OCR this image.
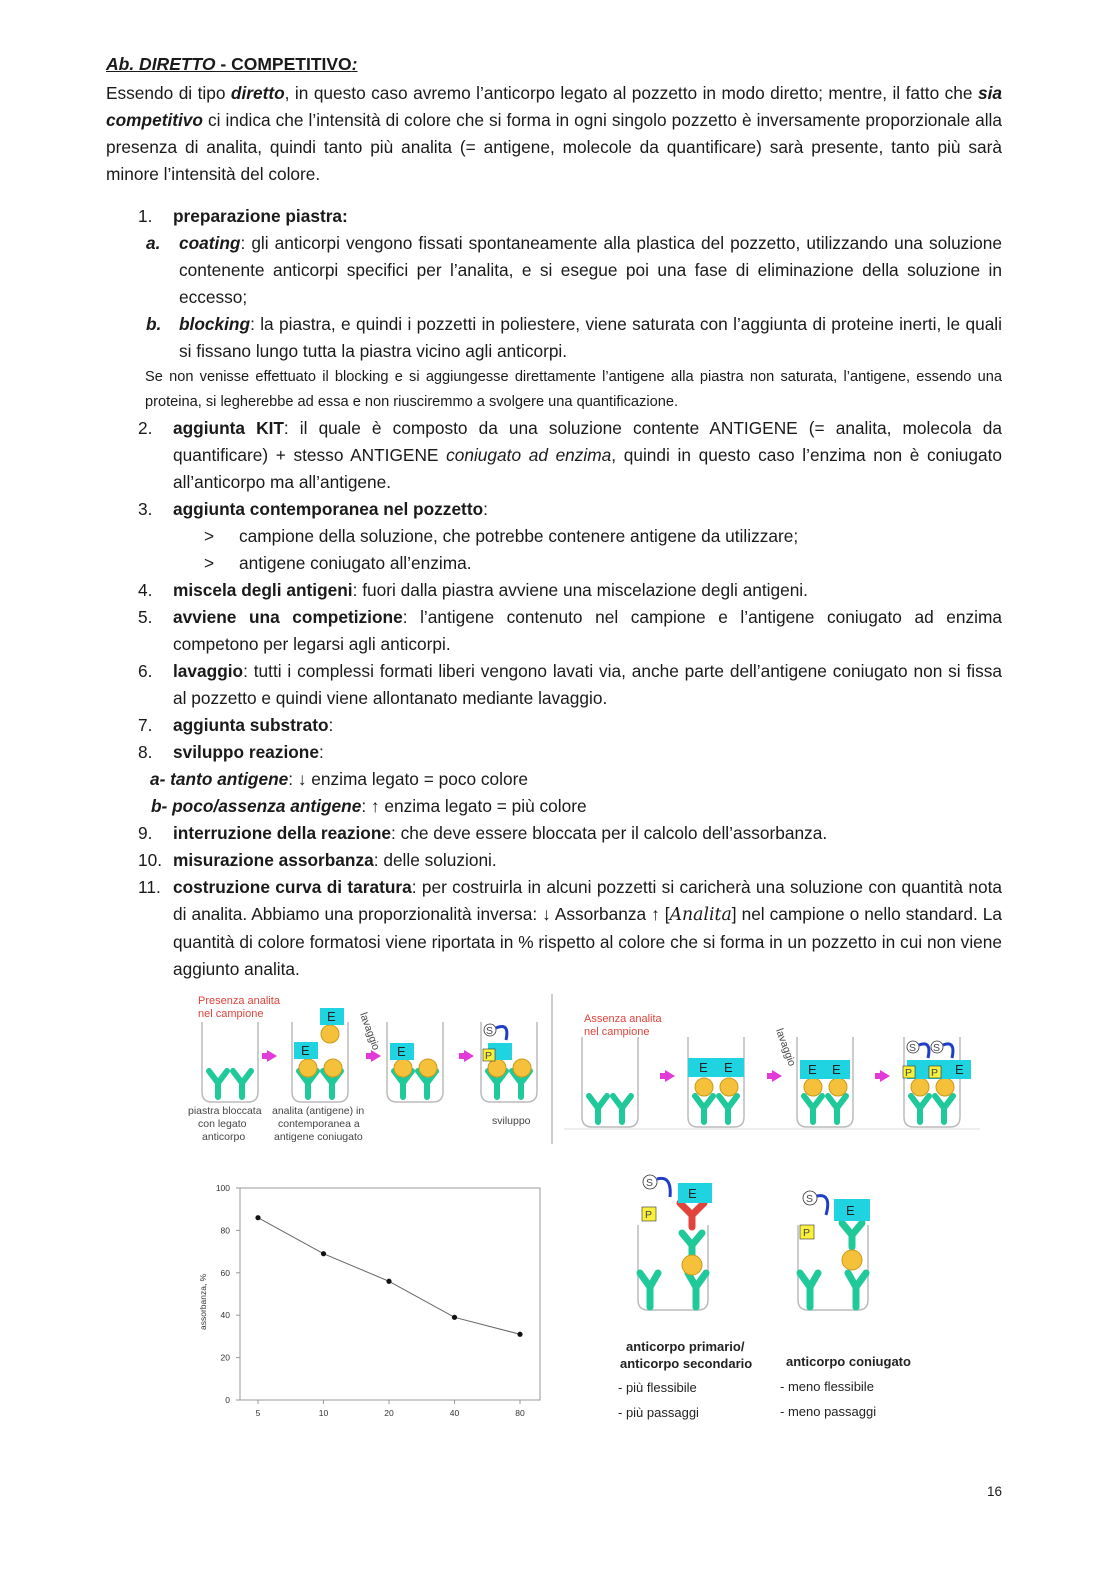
Ab. DIRETTO - COMPETITIVO:
Essendo di tipo diretto, in questo caso avremo l’anticorpo legato al pozzetto in modo diretto; mentre, il fatto che sia competitivo ci indica che l’intensità di colore che si forma in ogni singolo pozzetto è inversamente proporzionale alla presenza di analita, quindi tanto più analita (= antigene, molecole da quantificare) sarà presente, tanto più sarà minore l’intensità del colore.
1.	preparazione piastra:
a. coating: gli anticorpi vengono fissati spontaneamente alla plastica del pozzetto, utilizzando una soluzione contenente anticorpi specifici per l’analita, e si esegue poi una fase di eliminazione della soluzione in eccesso;
b. blocking: la piastra, e quindi i pozzetti in poliestere, viene saturata con l’aggiunta di proteine inerti, le quali si fissano lungo tutta la piastra vicino agli anticorpi.
Se non venisse effettuato il blocking e si aggiungesse direttamente l’antigene alla piastra non saturata, l’antigene, essendo una proteina, si legherebbe ad essa e non riusciremmo a svolgere una quantificazione.
2.	aggiunta KIT: il quale è composto da una soluzione contente ANTIGENE (= analita, molecola da quantificare) + stesso ANTIGENE coniugato ad enzima, quindi in questo caso l’enzima non è coniugato all’anticorpo ma all’antigene.
3.	aggiunta contemporanea nel pozzetto:
> campione della soluzione, che potrebbe contenere antigene da utilizzare;
> antigene coniugato all’enzima.
4.	miscela degli antigeni: fuori dalla piastra avviene una miscelazione degli antigeni.
5.	avviene una competizione: l’antigene contenuto nel campione e l’antigene coniugato ad enzima competono per legarsi agli anticorpi.
6.	lavaggio: tutti i complessi formati liberi vengono lavati via, anche parte dell’antigene coniugato non si fissa al pozzetto e quindi viene allontanato mediante lavaggio.
7.	aggiunta substrato:
8.	sviluppo reazione:
a- tanto antigene: ↓ enzima legato = poco colore
b- poco/assenza antigene: ↑ enzima legato = più colore
9.	interruzione della reazione: che deve essere bloccata per il calcolo dell’assorbanza.
10. misurazione assorbanza: delle soluzioni.
11. costruzione curva di taratura: per costruirla in alcuni pozzetti si caricherà una soluzione con quantità nota di analita. Abbiamo una proporzionalità inversa: ↓ Assorbanza ↑ [Analita] nel campione o nello standard. La quantità di colore formatosi viene riportata in % rispetto al colore che si forma in un pozzetto in cui non viene aggiunto analita.
Presenza analita
nel campione
E
E lavaggio E	P
S
piastra bloccata
con legato
anticorpo
analita (antigene) in
contemporanea a
antigene coniugato
sviluppo
Assenza analita
nel campione
E E	lavaggio
E E	P P E
S S
assorbanza, %
0
20
40
60
80
100
5	10	20	40	80
E
P
S
E
P
S
anticorpo primario/
anticorpo secondario
- più flessibile
- più passaggi
anticorpo coniugato
- meno flessibile
- meno passaggi
16
